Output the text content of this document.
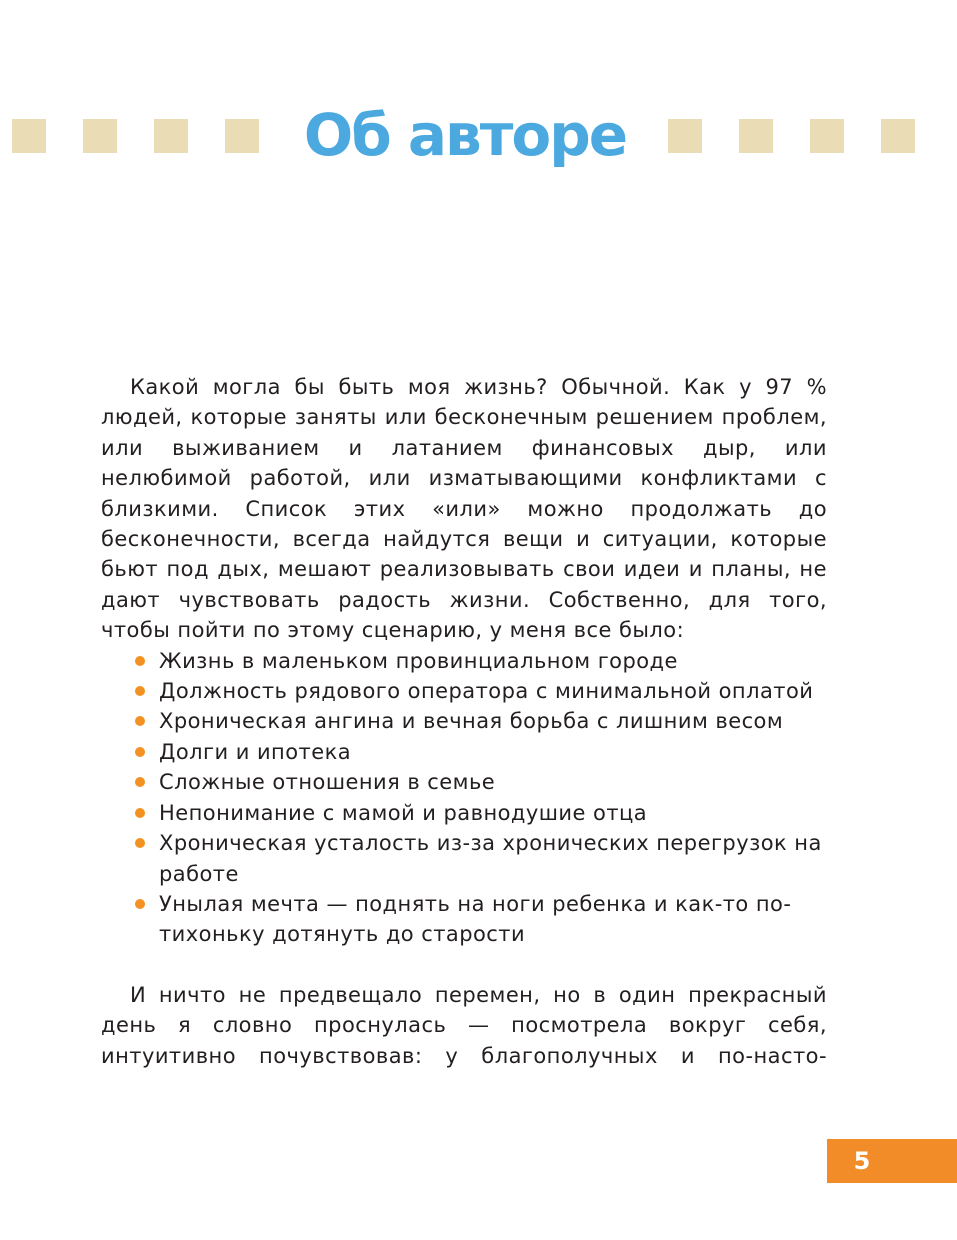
Об авторе

Какой могла бы быть моя жизнь? Обычной. Как у 97 % людей, которые заняты или бесконечным решением проблем, или выживанием и латанием финансовых дыр, или нелюбимой работой, или изматывающими конфликтами с близкими. Список этих «или» можно продолжать до бесконечности, всегда найдутся вещи и ситуации, которые бьют под дых, мешают реализовывать свои идеи и планы, не дают чувствовать радость жизни. Собственно, для того, чтобы пойти по этому сценарию, у меня все было:

Жизнь в маленьком провинциальном городе
Должность рядового оператора с минимальной оплатой
Хроническая ангина и вечная борьба с лишним весом
Долги и ипотека
Сложные отношения в семье
Непонимание с мамой и равнодушие отца
Хроническая усталость из-за хронических перегрузок на работе
Унылая мечта — поднять на ноги ребенка и как-то потихоньку дотянуть до старости

И ничто не предвещало перемен, но в один прекрасный день я словно проснулась — посмотрела вокруг себя, интуитивно почувствовав: у благополучных и по-насто-

5
